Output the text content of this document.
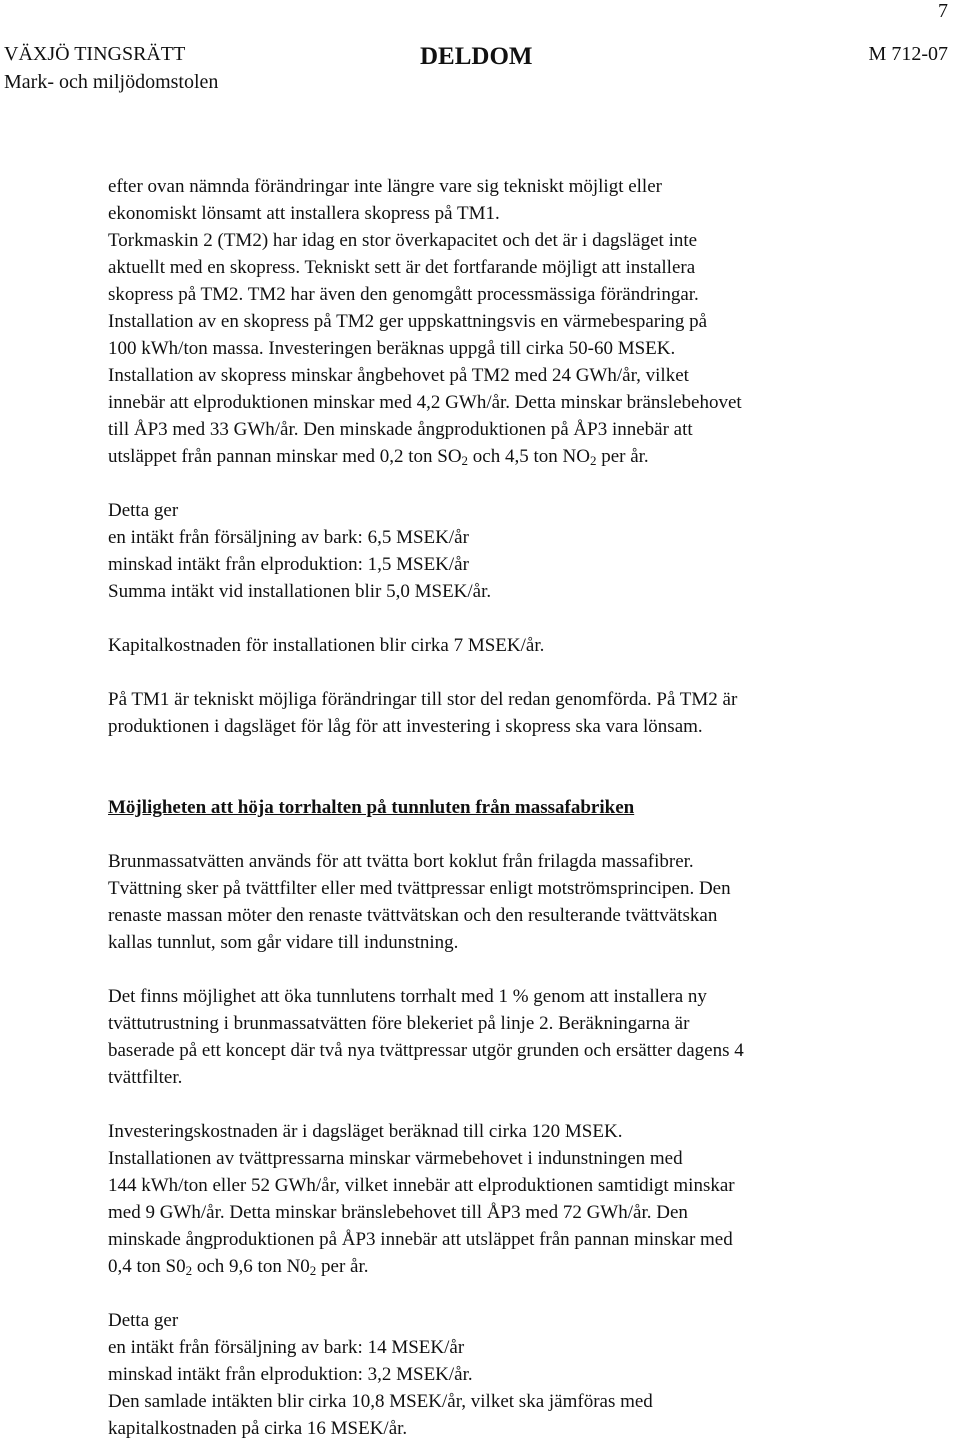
7
VÄXJÖ TINGSRÄTT
Mark- och miljödomstolen
DELDOM	M 712-07
efter ovan nämnda förändringar inte längre vare sig tekniskt möjligt eller
ekonomiskt lönsamt att installera skopress på TM1.
Torkmaskin 2 (TM2) har idag en stor överkapacitet och det är i dagsläget inte
aktuellt med en skopress. Tekniskt sett är det fortfarande möjligt att installera
skopress på TM2. TM2 har även den genomgått processmässiga förändringar.
Installation av en skopress på TM2 ger uppskattningsvis en värmebesparing på
100 kWh/ton massa. Investeringen beräknas uppgå till cirka 50-60 MSEK.
Installation av skopress minskar ångbehovet på TM2 med 24 GWh/år, vilket
innebär att elproduktionen minskar med 4,2 GWh/år. Detta minskar bränslebehovet
till ÅP3 med 33 GWh/år. Den minskade ångproduktionen på ÅP3 innebär att
utsläppet från pannan minskar med 0,2 ton $SO_2$ och 4,5 ton $NO_2$ per år.
Detta ger
en intäkt från försäljning av bark: 6,5 MSEK/år
minskad intäkt från elproduktion: 1,5 MSEK/år
Summa intäkt vid installationen blir 5,0 MSEK/år.
Kapitalkostnaden för installationen blir cirka 7 MSEK/år.
På TM1 är tekniskt möjliga förändringar till stor del redan genomförda. På TM2 är
produktionen i dagsläget för låg för att investering i skopress ska vara lönsam.
Möjligheten att höja torrhalten på tunnluten från massafabriken
Brunmassatvätten används för att tvätta bort koklut från frilagda massafibrer.
Tvättning sker på tvättfilter eller med tvättpressar enligt motströmsprincipen. Den
renaste massan möter den renaste tvättvätskan och den resulterande tvättvätskan
kallas tunnlut, som går vidare till indunstning.
Det finns möjlighet att öka tunnlutens torrhalt med 1 % genom att installera ny
tvättutrustning i brunmassatvätten före blekeriet på linje 2. Beräkningarna är
baserade på ett koncept där två nya tvättpressar utgör grunden och ersätter dagens 4
tvättfilter.
Investeringskostnaden är i dagsläget beräknad till cirka 120 MSEK.
Installationen av tvättpressarna minskar värmebehovet i indunstningen med
144 kWh/ton eller 52 GWh/år, vilket innebär att elproduktionen samtidigt minskar
med 9 GWh/år. Detta minskar bränslebehovet till ÅP3 med 72 GWh/år. Den
minskade ångproduktionen på ÅP3 innebär att utsläppet från pannan minskar med
0,4 ton $S0_2$ och 9,6 ton $N0_2$ per år.
Detta ger
en intäkt från försäljning av bark: 14 MSEK/år
minskad intäkt från elproduktion: 3,2 MSEK/år.
Den samlade intäkten blir cirka 10,8 MSEK/år, vilket ska jämföras med
kapitalkostnaden på cirka 16 MSEK/år.
